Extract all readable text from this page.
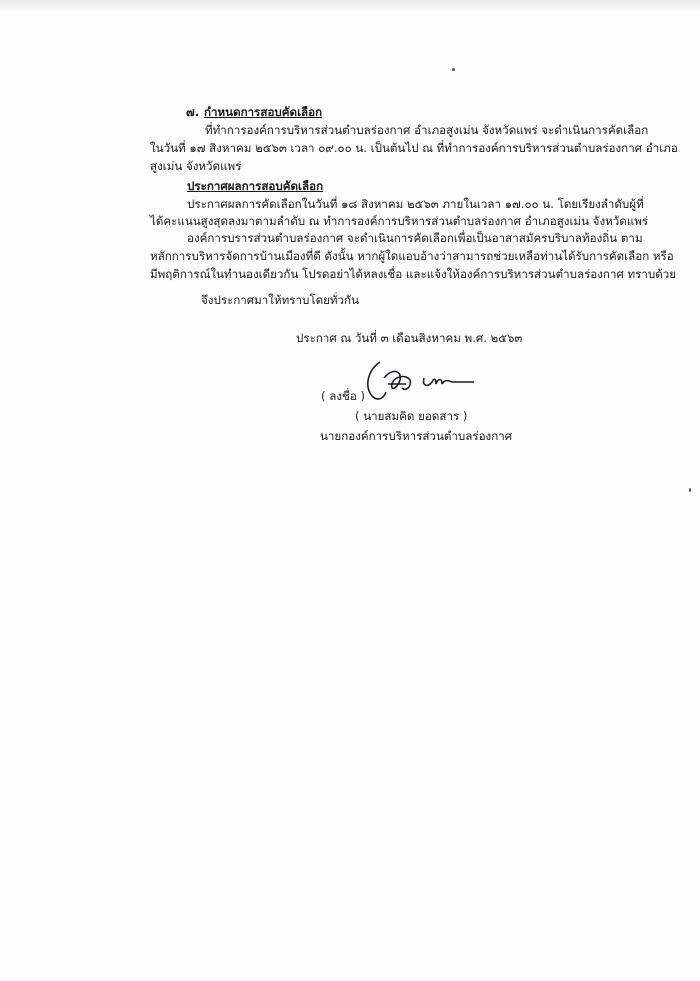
๗. กำหนดการสอบคัดเลือก
ที่ทำการองค์การบริหารส่วนตำบลร่องกาศ อำเภอสูงเม่น จังหวัดแพร่ จะดำเนินการคัดเลือก
ในวันที่ ๑๗ สิงหาคม ๒๕๖๓ เวลา ๐๙.๐๐ น. เป็นต้นไป ณ ที่ทำการองค์การบริหารส่วนตำบลร่องกาศ อำเภอ
สูงเม่น จังหวัดแพร่
ประกาศผลการสอบคัดเลือก
ประกาศผลการคัดเลือกในวันที่ ๑๘ สิงหาคม ๒๕๖๓ ภายในเวลา ๑๗.๐๐ น. โดยเรียงลำดับผู้ที่
ได้คะแนนสูงสุดลงมาตามลำดับ ณ ทำการองค์การบริหารส่วนตำบลร่องกาศ อำเภอสูงเม่น จังหวัดแพร่
องค์การบรารส่วนตำบลร่องกาศ จะดำเนินการคัดเลือกเพื่อเป็นอาสาสมัครบริบาลท้องถิ่น ตาม
หลักการบริหารจัดการบ้านเมืองที่ดี ดังนั้น หากผู้ใดแอบอ้างว่าสามารถช่วยเหลือท่านได้รับการคัดเลือก หรือ
มีพฤติการณ์ในทำนองเดียวกัน โปรดอย่าได้หลงเชื่อ และแจ้งให้องค์การบริหารส่วนตำบลร่องกาศ ทราบด้วย
จึงประกาศมาให้ทราบโดยทั่วกัน
ประกาศ ณ วันที่ ๓ เดือนสิงหาคม พ.ศ. ๒๕๖๓
( ลงชื่อ )
( นายสมคิด ยอดสาร )
นายกองค์การบริหารส่วนตำบลร่องกาศ
